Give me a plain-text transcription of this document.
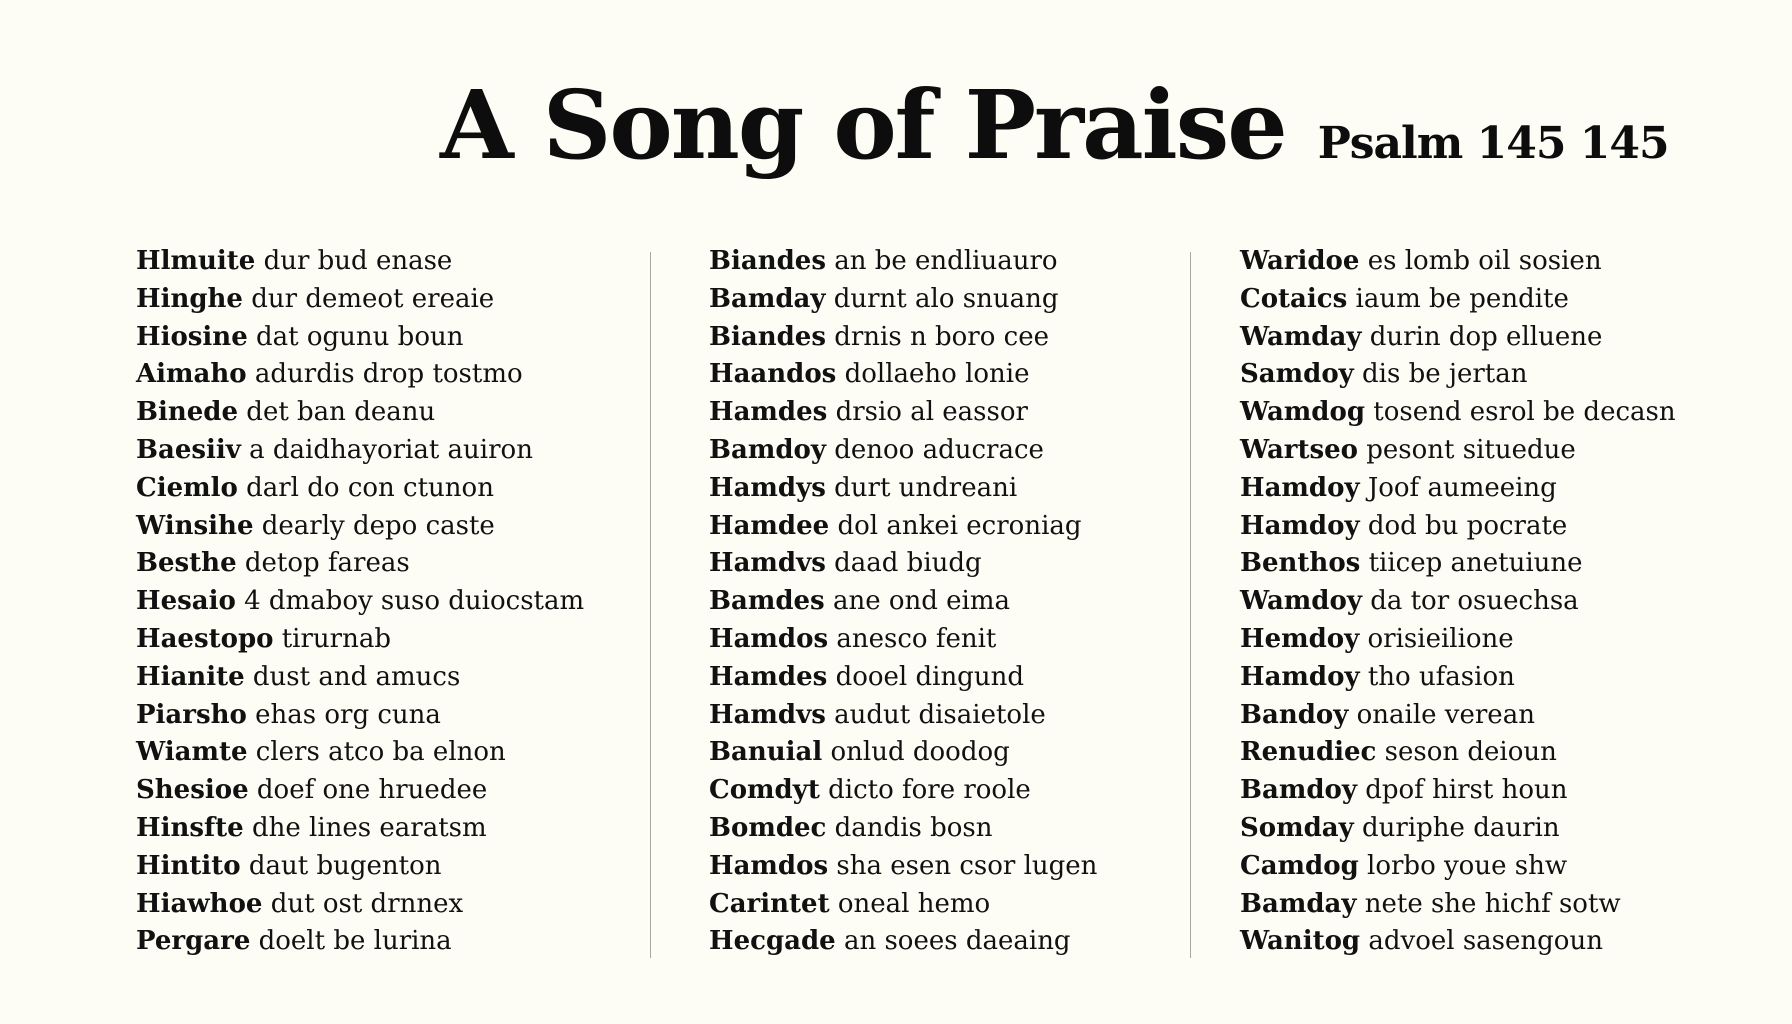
A Song of Praise Psalm 145 145
Hlmuite dur bud enase
Hinghe dur demeot ereaie
Hiosine dat ogunu boun
Aimaho adurdis drop tostmo
Binede det ban deanu
Baesiiv a daidhayoriat auiron
Ciemlo darl do con ctunon
Winsihe dearly depo caste
Besthe detop fareas
Hesaio 4 dmaboy suso duiocstam
Haestopo tirurnab
Hianite dust and amucs
Piarsho ehas org cuna
Wiamte clers atco ba elnon
Shesioe doef one hruedee
Hinsfte dhe lines earatsm
Hintito daut bugenton
Hiawhoe dut ost drnnex
Pergare doelt be lurina
Biandes an be endliuauro
Bamday durnt alo snuang
Biandes drnis n boro cee
Haandos dollaeho lonie
Hamdes drsio al eassor
Bamdoy denoo aducrace
Hamdys durt undreani
Hamdee dol ankei ecroniag
Hamdvs daad biudg
Bamdes ane ond eima
Hamdos anesco fenit
Hamdes dooel dingund
Hamdvs audut disaietole
Banuial onlud doodog
Comdyt dicto fore roole
Bomdec dandis bosn
Hamdos sha esen csor lugen
Carintet oneal hemo
Hecgade an soees daeaing
Waridoe es lomb oil sosien
Cotaics iaum be pendite
Wamday durin dop elluene
Samdoy dis be jertan
Wamdog tosend esrol be decasn
Wartseo pesont situedue
Hamdoy Joof aumeeing
Hamdoy dod bu pocrate
Benthos tiicep anetuiune
Wamdoy da tor osuechsa
Hemdoy orisieilione
Hamdoy tho ufasion
Bandoy onaile verean
Renudiec seson deioun
Bamdoy dpof hirst houn
Somday duriphe daurin
Camdog lorbo youe shw
Bamday nete she hichf sotw
Wanitog advoel sasengoun
